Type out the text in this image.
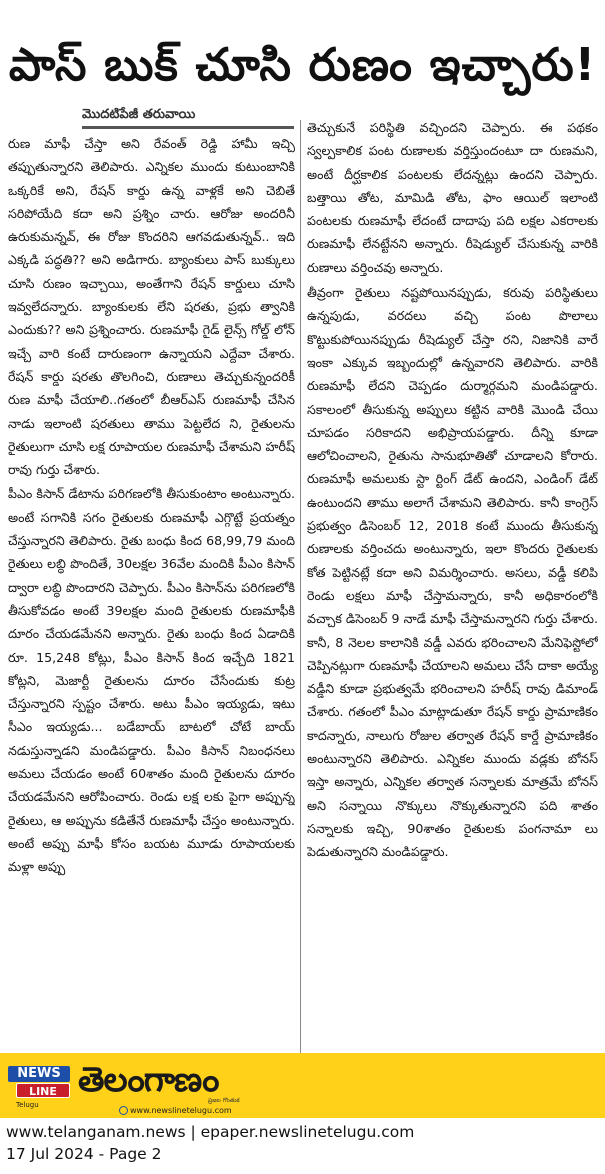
పాస్ బుక్ చూసి రుణం ఇచ్చారు!
మొదటిపేజీ తరువాయి
రుణ మాఫీ చేస్తా అని రేవంత్ రెడ్డి హామీ ఇచ్చి తప్పుతున్నారని తెలిపారు. ఎన్నికల ముందు కుటుంబానికి ఒక్కరికే అని, రేషన్ కార్డు ఉన్న వాళ్లకే అని చెబితే సరిపోయేది కదా అని ప్రశ్నిం చారు. ఆరోజు అందరినీ ఉరుకుమన్నవ్, ఈ రోజు కొందరిని ఆగవడుతున్నవ్.. ఇది ఎక్కడి పద్ధతి?? అని అడిగారు. బ్యాంకులు పాస్ బుక్కులు చూసి రుణం ఇచ్చాయి, అంతేగాని రేషన్ కార్డులు చూసి ఇవ్వలేదన్నారు. బ్యాంకులకు లేని షరతు, ప్రభు త్వానికి ఎందుకు?? అని ప్రశ్నించారు. రుణమాఫీ గైడ్ లైన్స్ గోల్డ్ లోన్ ఇచ్చే వారి కంటే దారుణంగా ఉన్నాయని ఎద్దేవా చేశారు. రేషన్ కార్డు షరతు తొలగించి, రుణాలు తెచ్చుకున్నందరికీ రుణ మాఫీ చేయాలి..గతంలో బీఆర్ఎస్ రుణమాఫీ చేసిన నాడు ఇలాంటి షరతులు తాము పెట్టలేద ని, రైతులను రైతులుగా చూసి లక్ష రూపాయల రుణమాఫీ చేశామని హరీష్ రావు గుర్తు చేశారు.
పీఎం కిసాన్ డేటాను పరిగణలోకి తీసుకుంటాం అంటున్నారు. అంటే సగానికి సగం రైతులకు రుణమాఫీ ఎగ్గొట్టే ప్రయత్నం చేస్తున్నారని తెలిపారు. రైతు బంధు కింద 68,99,79 మంది రైతులు లబ్ధి పొందితే, 30లక్షల 36వేల మందికి పీఎం కిసాన్ ద్వారా లబ్ధి పొందారని చెప్పారు. పీఎం కిసాన్‌ను పరిగణలోకి తీసుకోవడం అంటే 39లక్షల మంది రైతులకు రుణమాఫీకి దూరం చేయడమేనని అన్నారు. రైతు బంధు కింద ఏడాదికి రూ. 15,248 కోట్లు, పీఎం కిసాన్ కింద ఇచ్చేది 1821 కోట్లని, మెజార్టీ రైతులను దూరం చేసేందుకు కుట్ర చేస్తున్నారని స్పష్టం చేశారు. అటు పీఎం ఇయ్యడు, ఇటు సీఎం ఇయ్యడు... బడేబాయ్ బాటలో చోటే బాయ్ నడుస్తున్నాడని మండిపడ్డారు. పీఎం కిసాన్ నిబంధనలు అమలు చేయడం అంటే 60శాతం మంది రైతులను దూరం చేయడమేనని ఆరోపించారు. రెండు లక్ష లకు పైగా అప్పున్న రైతులు, ఆ అప్పును కడితేనే రుణమాఫీ చేస్తం అంటున్నారు. అంటే అప్పు మాఫీ కోసం బయట మూడు రూపాయలకు మళ్లా అప్పు
తెచ్చుకునే పరిస్థితి వచ్చిందని చెప్పారు. ఈ పథకం స్వల్పకాలిక పంట రుణాలకు వర్తిస్తుందంటూ దా రుణమని, అంటే దీర్ఘకాలిక పంటలకు లేదన్నట్లు ఉందని చెప్పారు. బత్తాయి తోట, మామిడి తోట, ఫాం ఆయిల్ ఇలాంటి పంటలకు రుణమాఫీ లేదంటే దాదాపు పది లక్షల ఎకరాలకు రుణమాఫీ లేనట్టేనని అన్నారు. రీషెడ్యుల్ చేసుకున్న వారికి రుణాలు వర్తించవు అన్నారు.
తీవ్రంగా రైతులు నష్టపోయినప్పుడు, కరువు పరిస్థితులు ఉన్నపుడు, వరదలు వచ్చి పంట పొలాలు కొట్టుకుపోయినప్పుడు రీషెడ్యుల్ చేస్తా రని, నిజానికి వారే ఇంకా ఎక్కువ ఇబ్బందుల్లో ఉన్నవారని తెలిపారు. వారికి రుణమాఫీ లేదని చెప్పడం దుర్మార్గమని మండిపడ్డారు. సకాలంలో తీసుకున్న అప్పులు కట్టిన వారికి మొండి చేయి చూపడం సరికాదని అభిప్రాయపడ్డారు. దీన్ని కూడా ఆలోచించాలని, రైతును సానుభూతితో చూడాలని కోరారు. రుణమాఫీ అమలుకు స్టా ర్టింగ్ డేట్ ఉందని, ఎండింగ్ డేట్ ఉంటుందని తాము అలాగే చేశామని తెలిపారు. కానీ కాంగ్రెస్ ప్రభుత్వం డిసెంబర్ 12, 2018 కంటే ముందు తీసుకున్న రుణాలకు వర్తించదు అంటున్నారు, ఇలా కొందరు రైతులకు కోత పెట్టినట్లే కదా అని విమర్శించారు. అసలు, వడ్డీ కలిపి రెండు లక్షలు మాఫీ చేస్తామన్నారు, కానీ అధికారంలోకి వచ్చాక డిసెంబర్ 9 నాడే మాఫీ చేస్తామన్నారని గుర్తు చేశారు. కానీ, 8 నెలల కాలానికి వడ్డీ ఎవరు భరించాలని మేనిఫెస్టోలో చెప్పినట్లుగా రుణమాఫీ చేయాలని అమలు చేసే దాకా అయ్యే వడ్డీని కూడా ప్రభుత్వమే భరించాలని హరీష్ రావు డిమాండ్ చేశారు. గతంలో పీఎం మాట్లాడుతూ రేషన్ కార్డు ప్రామాణికం కాదన్నారు, నాలుగు రోజుల తర్వాత రేషన్ కార్డే ప్రామాణికం అంటున్నారని తెలిపారు. ఎన్నికల ముందు వడ్లకు బోనస్ ఇస్తా అన్నారు, ఎన్నికల తర్వాత సన్నాలకు మాత్రమే బోనస్ అని సన్నాయి నొక్కులు నొక్కుతున్నారని పది శాతం సన్నాలకు ఇచ్చి, 90శాతం రైతులకు పంగనామా లు పెడుతున్నారని మండిపడ్డారు.
NEWS
LINE
Telugu
తెలంగాణం
ప్రజల గొంతుక
www.newslinetelugu.com
www.telanganam.news | epaper.newslinetelugu.com
17 Jul 2024 - Page 2
